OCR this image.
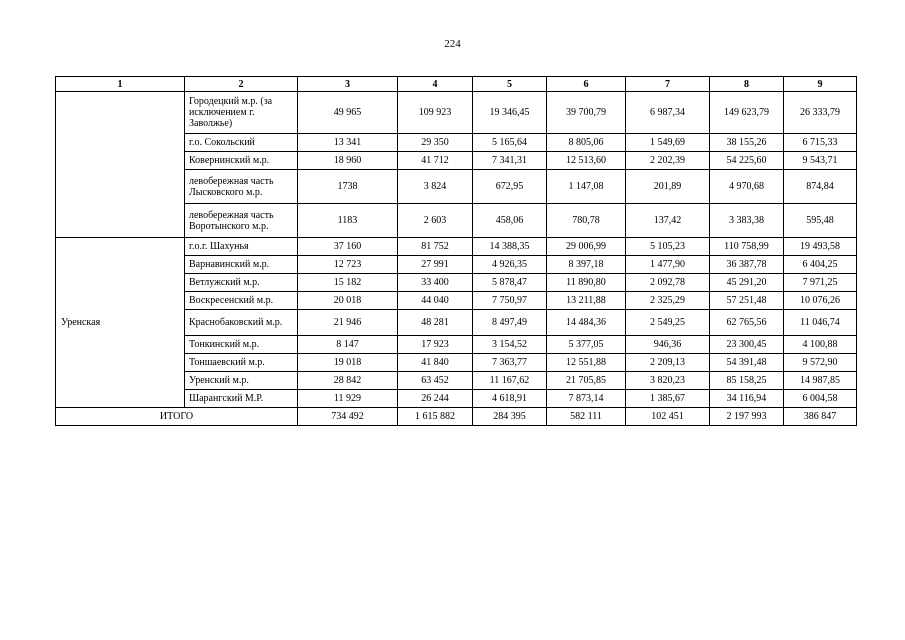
224
1	2	3	4	5	6	7	8	9
	Городецкий м.р. (за исключением г. Заволжье)	49 965	109 923	19 346,45	39 700,79	6 987,34	149 623,79	26 333,79
	г.о. Сокольский	13 341	29 350	5 165,64	8 805,06	1 549,69	38 155,26	6 715,33
	Ковернинский м.р.	18 960	41 712	7 341,31	12 513,60	2 202,39	54 225,60	9 543,71
	левобережная часть Лысковского м.р.	1738	3 824	672,95	1 147,08	201,89	4 970,68	874,84
	левобережная часть Воротынского м.р.	1183	2 603	458,06	780,78	137,42	3 383,38	595,48
Уренская	г.о.г. Шахунья	37 160	81 752	14 388,35	29 006,99	5 105,23	110 758,99	19 493,58
	Варнавинский м.р.	12 723	27 991	4 926,35	8 397,18	1 477,90	36 387,78	6 404,25
	Ветлужский м.р.	15 182	33 400	5 878,47	11 890,80	2 092,78	45 291,20	7 971,25
	Воскресенский м.р.	20 018	44 040	7 750,97	13 211,88	2 325,29	57 251,48	10 076,26
	Краснобаковский м.р.	21 946	48 281	8 497,49	14 484,36	2 549,25	62 765,56	11 046,74
	Тонкинский м.р.	8 147	17 923	3 154,52	5 377,05	946,36	23 300,45	4 100,88
	Тоншаевский м.р.	19 018	41 840	7 363,77	12 551,88	2 209,13	54 391,48	9 572,90
	Уренский м.р.	28 842	63 452	11 167,62	21 705,85	3 820,23	85 158,25	14 987,85
	Шарангский М.Р.	11 929	26 244	4 618,91	7 873,14	1 385,67	34 116,94	6 004,58
ИТОГО		734 492	1 615 882	284 395	582 111	102 451	2 197 993	386 847
